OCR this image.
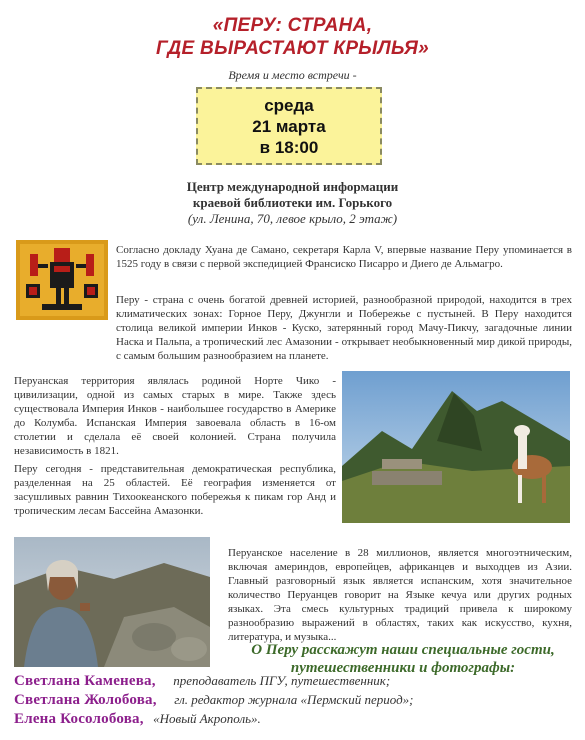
«ПЕРУ: СТРАНА,
ГДЕ ВЫРАСТАЮТ КРЫЛЬЯ»
Время и место встречи -
среда
21 марта
в 18:00
Центр международной информации
краевой библиотеки им. Горького
(ул. Ленина, 70, левое крыло, 2 этаж)

Согласно докладу Хуана де Самано, секретаря Карла V, впервые название Перу упоминается в 1525 году в связи с первой экспедицией Франсиско Писарро и Диего де Альмагро.

Перу - страна с очень богатой древней историей, разнообразной природой, находится в трех климатических зонах: Горное Перу, Джунгли и Побережье с пустыней. В Перу находится столица великой империи Инков - Куско, затерянный город Мачу-Пикчу, загадочные линии Наска и Пальпа, а тропический лес Амазонии - открывает необыкновенный мир дикой природы, с самым большим разнообразием на планете.

Перуанская территория являлась родиной Норте Чико - цивилизации, одной из самых старых в мире. Также здесь существовала Империя Инков - наибольшее государство в Америке до Колумба. Испанская Империя завоевала область в 16-ом столетии и сделала её своей колонией. Страна получила независимость в 1821.

Перу сегодня - представительная демократическая республика, разделенная на 25 областей. Её география изменяется от засушливых равнин Тихоокеанского побережья к пикам гор Анд и тропическим лесам Бассейна Амазонки.

Перуанское население в 28 миллионов, является многоэтническим, включая америндов, европейцев, африканцев и выходцев из Азии. Главный разговорный язык является испанским, хотя значительное количество Перуанцев говорит на Языке кечуа или других родных языках. Эта смесь культурных традиций привела к широкому разнообразию выражений в областях, таких как искусство, кухня, литература, и музыка...

О Перу расскажут наши специальные гости, путешественники и фотографы:
Светлана Каменева, преподаватель ПГУ, путешественник;
Светлана Жолобова, гл. редактор журнала «Пермский период»;
Елена Косолобова, «Новый Акрополь».
